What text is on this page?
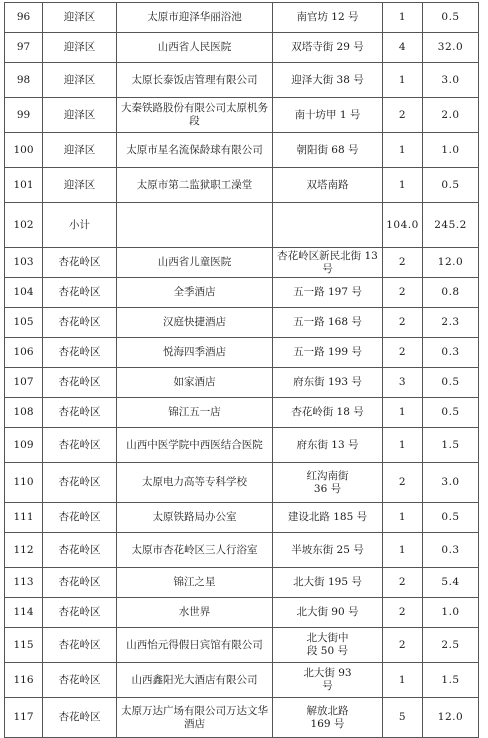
96	迎泽区	太原市迎泽华丽浴池	南官坊 12 号	1	0.5
97	迎泽区	山西省人民医院	双塔寺街 29 号	4	32.0
98	迎泽区	太原长泰饭店管理有限公司	迎泽大街 38 号	1	3.0
99	迎泽区	大秦铁路股份有限公司太原机务段	南十坊甲 1 号	2	2.0
100	迎泽区	太原市星名流保龄球有限公司	朝阳街 68 号	1	1.0
101	迎泽区	太原市第二监狱职工澡堂	双塔南路	1	0.5
102	小计			104.0	245.2
103	杏花岭区	山西省儿童医院	杏花岭区新民北街 13 号	2	12.0
104	杏花岭区	全季酒店	五一路 197 号	2	0.8
105	杏花岭区	汉庭快捷酒店	五一路 168 号	2	2.3
106	杏花岭区	悦海四季酒店	五一路 199 号	2	0.3
107	杏花岭区	如家酒店	府东街 193 号	3	0.5
108	杏花岭区	锦江五一店	杏花岭街 18 号	1	0.5
109	杏花岭区	山西中医学院中西医结合医院	府东街 13 号	1	1.5
110	杏花岭区	太原电力高等专科学校	红沟南街
36 号	2	3.0
111	杏花岭区	太原铁路局办公室	建设北路 185 号	1	0.5
112	杏花岭区	太原市杏花岭区三人行浴室	半坡东街 25 号	1	0.3
113	杏花岭区	锦江之星	北大街 195 号	2	5.4
114	杏花岭区	水世界	北大街 90 号	2	1.0
115	杏花岭区	山西怡元得假日宾馆有限公司	北大街中
段 50 号	2	2.5
116	杏花岭区	山西鑫阳光大酒店有限公司	北大街 93
号	1	1.5
117	杏花岭区	太原万达广场有限公司万达文华酒店	解放北路
169 号	5	12.0
